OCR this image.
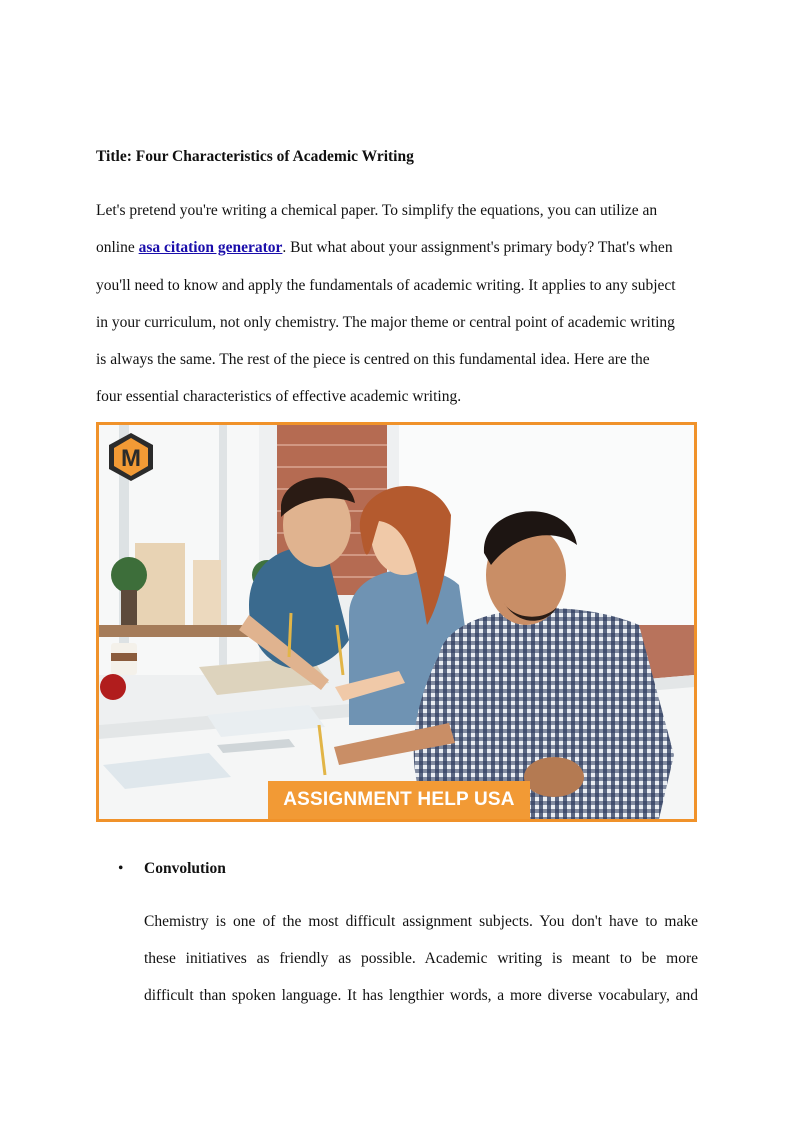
Title: Four Characteristics of Academic Writing
Let's pretend you're writing a chemical paper. To simplify the equations, you can utilize an
online asa citation generator. But what about your assignment's primary body? That's when
you'll need to know and apply the fundamentals of academic writing. It applies to any subject
in your curriculum, not only chemistry. The major theme or central point of academic writing
is always the same. The rest of the piece is centred on this fundamental idea. Here are the
four essential characteristics of effective academic writing.
M
ASSIGNMENT HELP USA
• Convolution
Chemistry is one of the most difficult assignment subjects. You don't have to make
these initiatives as friendly as possible. Academic writing is meant to be more
difficult than spoken language. It has lengthier words, a more diverse vocabulary, and
